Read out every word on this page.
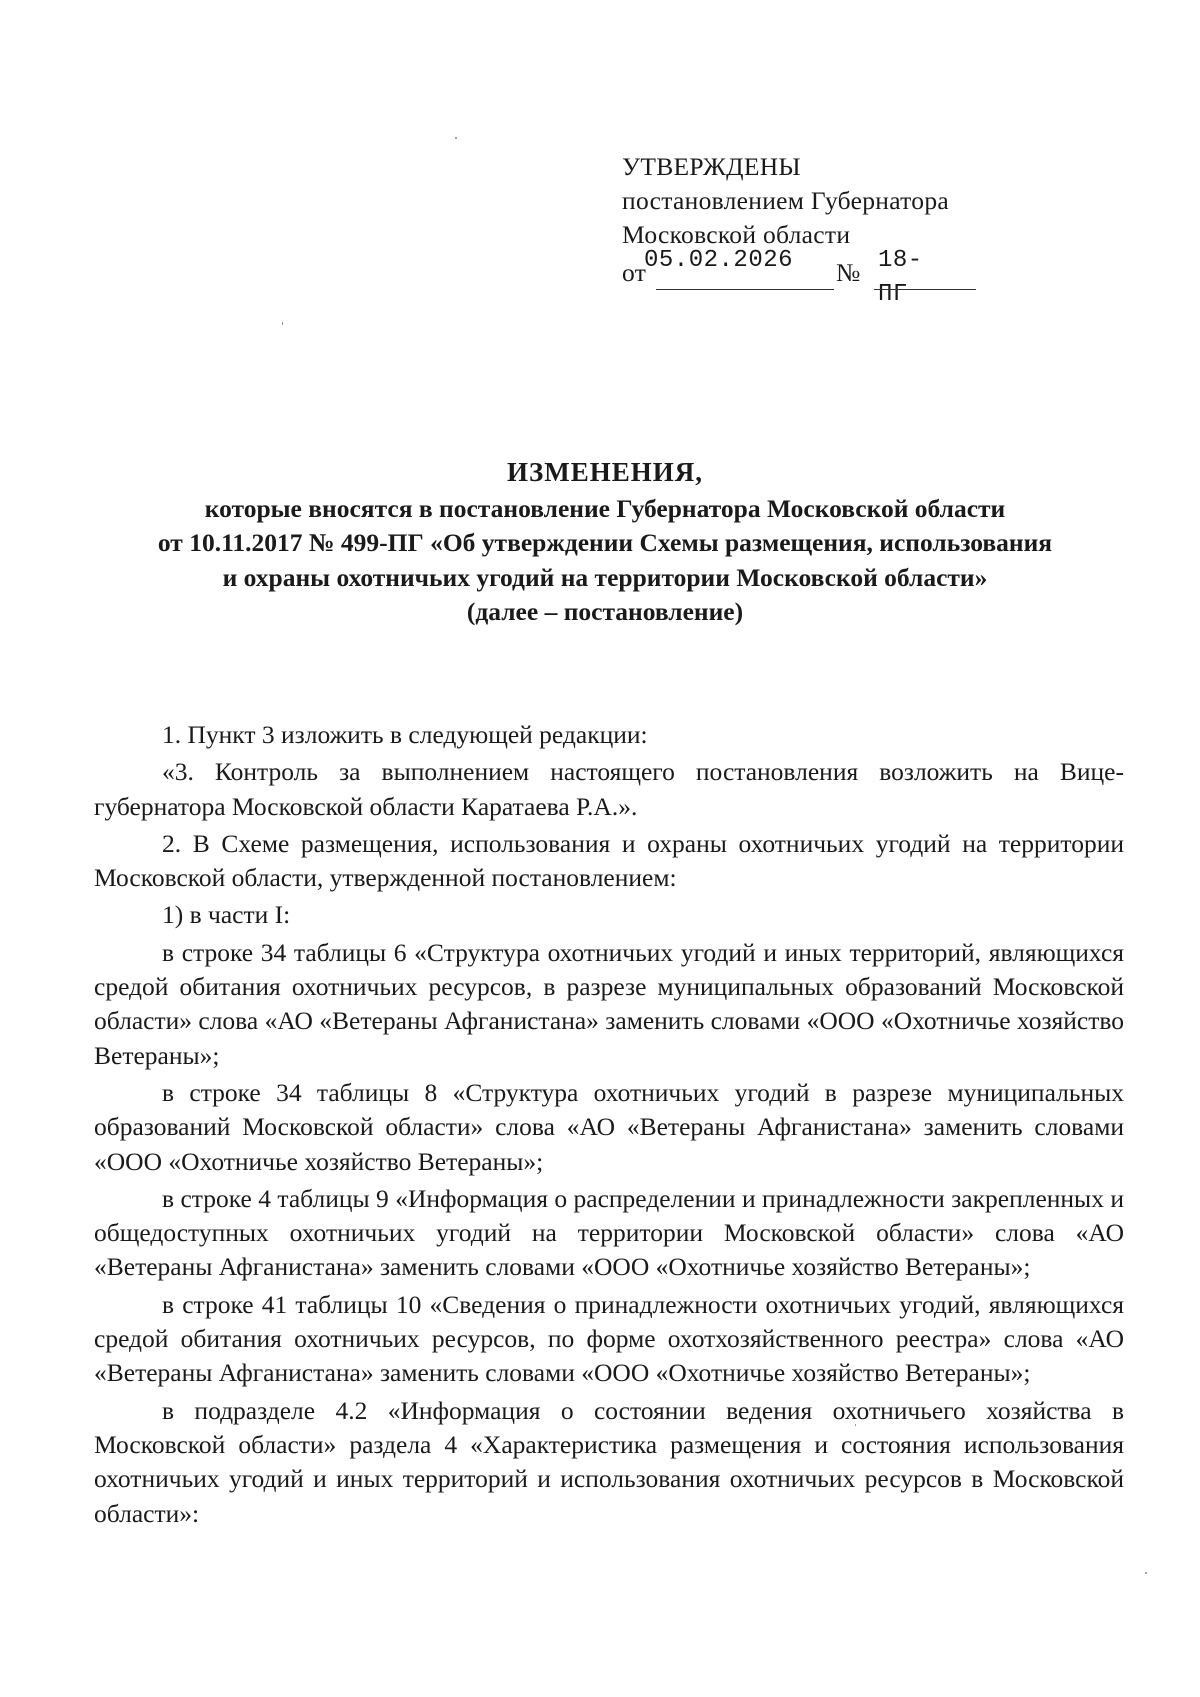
УТВЕРЖДЕНЫ
постановлением Губернатора
Московской области
от
05.02.2026 № 18-ПГ
ИЗМЕНЕНИЯ,
которые вносятся в постановление Губернатора Московской области
от 10.11.2017 № 499-ПГ «Об утверждении Схемы размещения, использования
и охраны охотничьих угодий на территории Московской области»
(далее – постановление)

1. Пункт 3 изложить в следующей редакции:

«3. Контроль за выполнением настоящего постановления возложить на Вице-губернатора Московской области Каратаева Р.А.».

2. В Схеме размещения, использования и охраны охотничьих угодий на территории Московской области, утвержденной постановлением:

1) в части I:

в строке 34 таблицы 6 «Структура охотничьих угодий и иных территорий, являющихся средой обитания охотничьих ресурсов, в разрезе муниципальных образований Московской области» слова «АО «Ветераны Афганистана» заменить словами «ООО «Охотничье хозяйство Ветераны»;

в строке 34 таблицы 8 «Структура охотничьих угодий в разрезе муниципальных образований Московской области» слова «АО «Ветераны Афганистана» заменить словами «ООО «Охотничье хозяйство Ветераны»;

в строке 4 таблицы 9 «Информация о распределении и принадлежности закрепленных и общедоступных охотничьих угодий на территории Московской области» слова «АО «Ветераны Афганистана» заменить словами «ООО «Охотничье хозяйство Ветераны»;

в строке 41 таблицы 10 «Сведения о принадлежности охотничьих угодий, являющихся средой обитания охотничьих ресурсов, по форме охотхозяйственного реестра» слова «АО «Ветераны Афганистана» заменить словами «ООО «Охотничье хозяйство Ветераны»;

в подразделе 4.2 «Информация о состоянии ведения охотничьего хозяйства в Московской области» раздела 4 «Характеристика размещения и состояния использования охотничьих угодий и иных территорий и использования охотничьих ресурсов в Московской области»:
